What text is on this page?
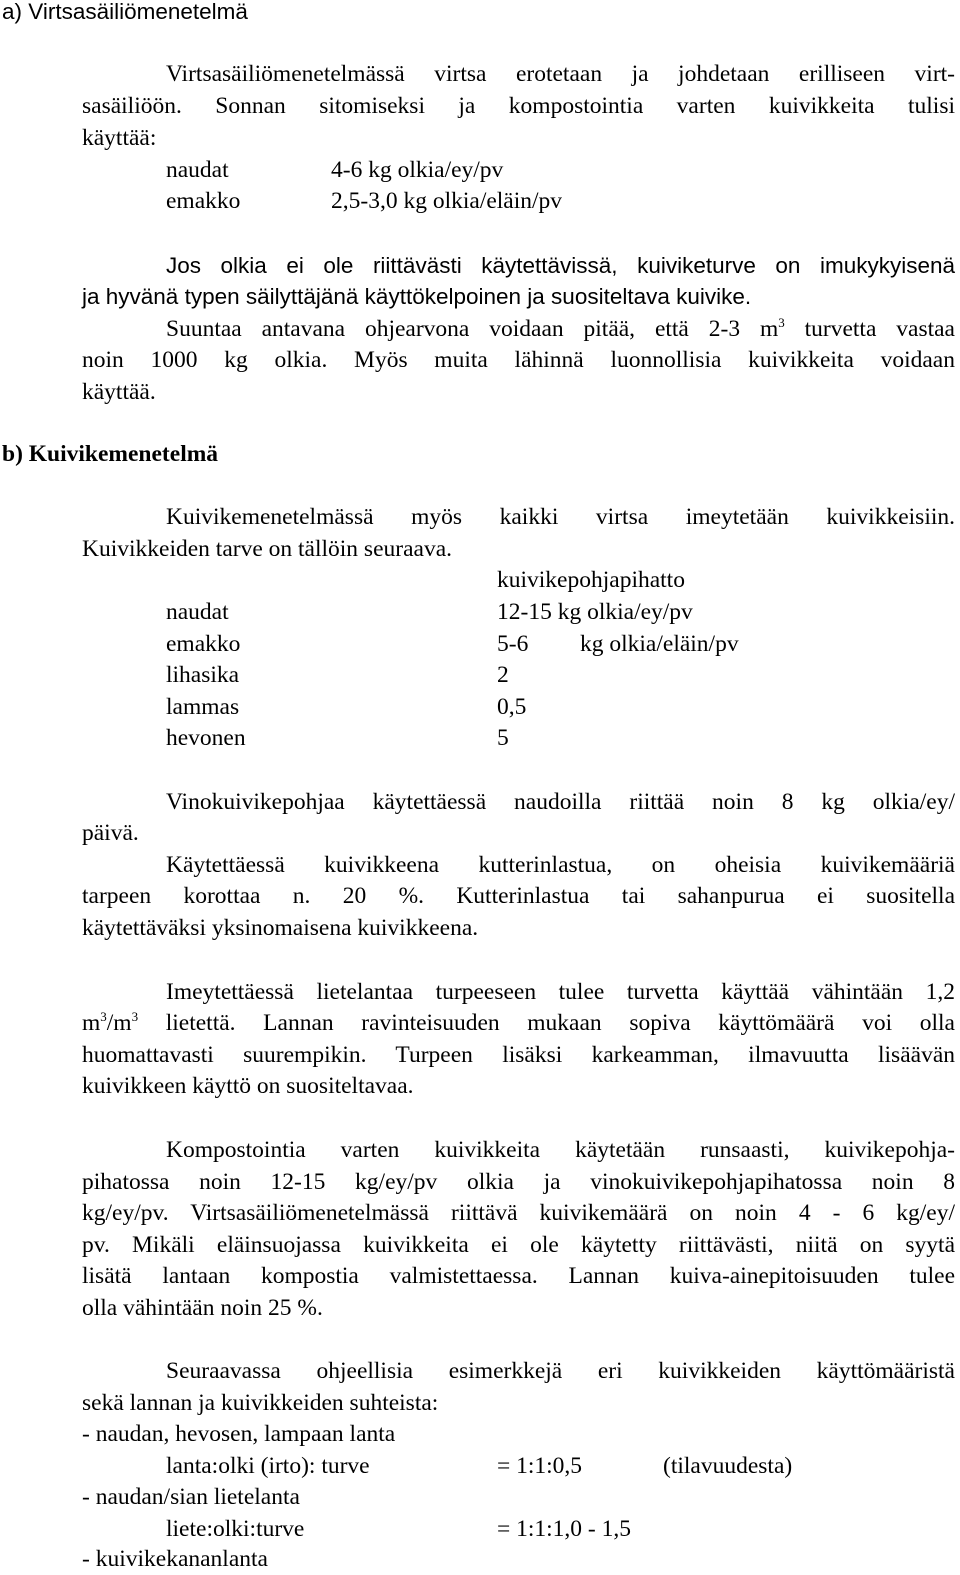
a) Virtsasäiliömenetelmä
Virtsasäiliömenetelmässä virtsa erotetaan ja johdetaan erilliseen virt-
sasäiliöön. Sonnan sitomiseksi ja kompostointia varten kuivikkeita tulisi
käyttää:
naudat	4-6 kg olkia/ey/pv
emakko	2,5-3,0 kg olkia/eläin/pv
Jos olkia ei ole riittävästi käytettävissä, kuiviketurve on imukykyisenä
ja hyvänä typen säilyttäjänä käyttökelpoinen ja suositeltava kuivike.
Suuntaa antavana ohjearvona voidaan pitää, että 2-3 $m^3$ turvetta vastaa
noin 1000 kg olkia. Myös muita lähinnä luonnollisia kuivikkeita voidaan
käyttää.
b) Kuivikemenetelmä
Kuivikemenetelmässä myös kaikki virtsa imeytetään kuivikkeisiin.
Kuivikkeiden tarve on tällöin seuraava.
kuivikepohjapihatto
naudat	12-15 kg olkia/ey/pv
emakko	5-6 kg olkia/eläin/pv
lihasika	2
lammas	0,5
hevonen	5
Vinokuivikepohjaa käytettäessä naudoilla riittää noin 8 kg olkia/ey/
päivä.
Käytettäessä kuivikkeena kutterinlastua, on oheisia kuivikemääriä
tarpeen korottaa n. 20 %. Kutterinlastua tai sahanpurua ei suositella
käytettäväksi yksinomaisena kuivikkeena.
Imeytettäessä lietelantaa turpeeseen tulee turvetta käyttää vähintään 1,2
$m^3/m^3$ lietettä. Lannan ravinteisuuden mukaan sopiva käyttömäärä voi olla
huomattavasti suurempikin. Turpeen lisäksi karkeamman, ilmavuutta lisäävän
kuivikkeen käyttö on suositeltavaa.
Kompostointia varten kuivikkeita käytetään runsaasti, kuivikepohja-
pihatossa noin 12-15 kg/ey/pv olkia ja vinokuivikepohjapihatossa noin 8
kg/ey/pv. Virtsasäiliömenetelmässä riittävä kuivikemäärä on noin 4 - 6 kg/ey/
pv. Mikäli eläinsuojassa kuivikkeita ei ole käytetty riittävästi, niitä on syytä
lisätä lantaan kompostia valmistettaessa. Lannan kuiva-ainepitoisuuden tulee
olla vähintään noin 25 %.
Seuraavassa ohjeellisia esimerkkejä eri kuivikkeiden käyttömääristä
sekä lannan ja kuivikkeiden suhteista:
- naudan, hevosen, lampaan lanta
lanta:olki (irto): turve	= 1:1:0,5	(tilavuudesta)
- naudan/sian lietelanta
liete:olki:turve	= 1:1:1,0 - 1,5
- kuivikekananlanta
